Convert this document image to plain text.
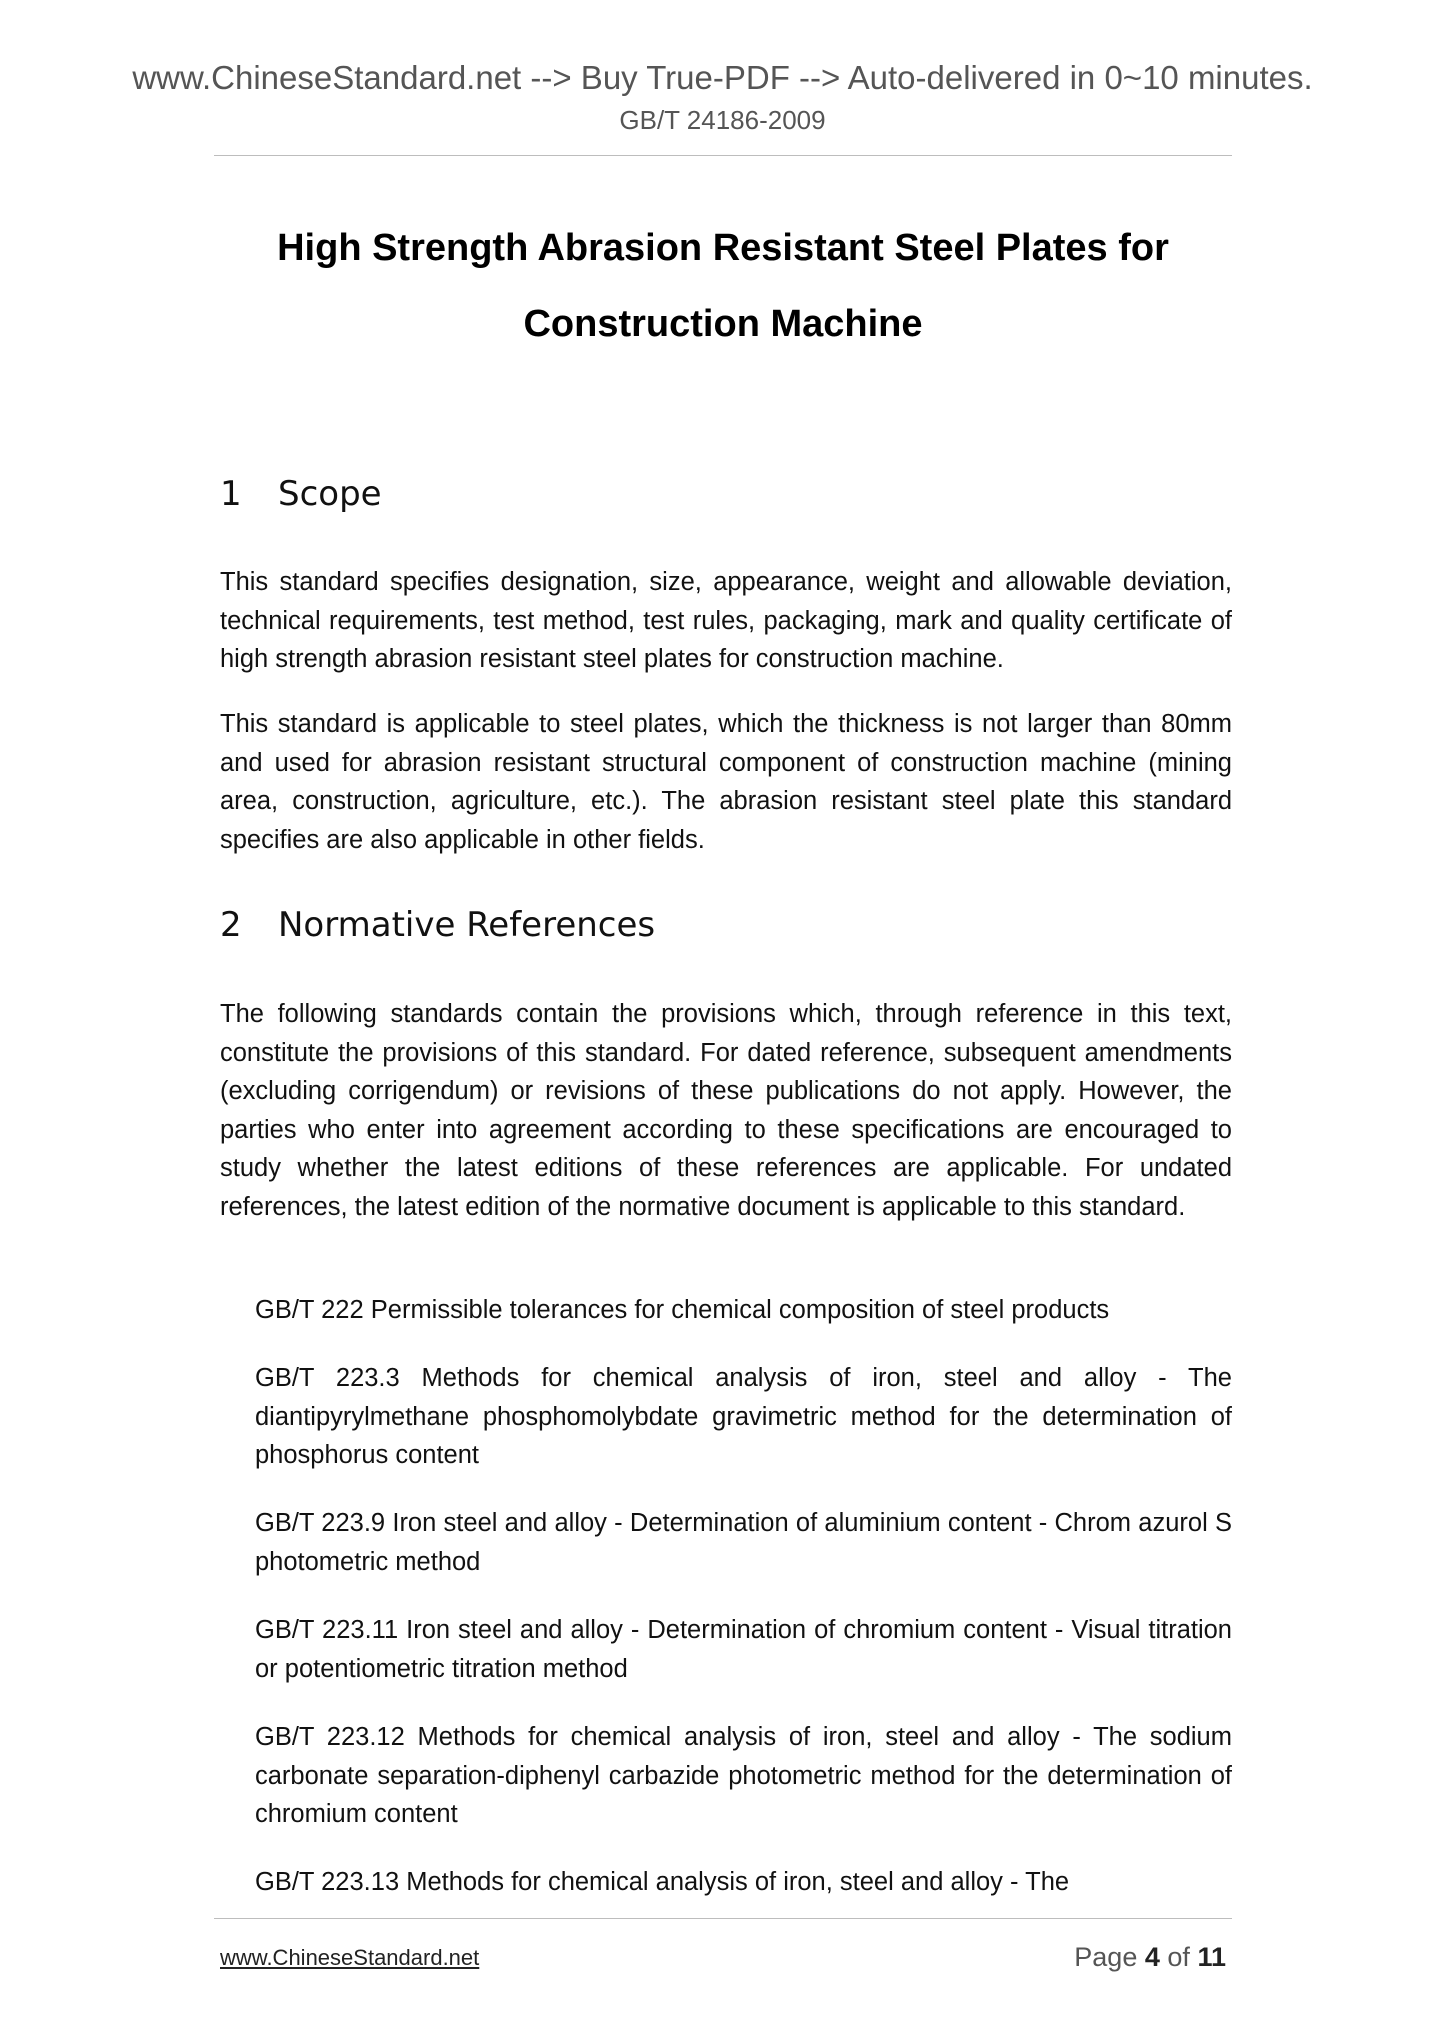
www.ChineseStandard.net --> Buy True-PDF --> Auto-delivered in 0~10 minutes.
GB/T 24186-2009
High Strength Abrasion Resistant Steel Plates for
Construction Machine
1 Scope
This standard specifies designation, size, appearance, weight and allowable deviation, technical requirements, test method, test rules, packaging, mark and quality certificate of high strength abrasion resistant steel plates for construction machine.
This standard is applicable to steel plates, which the thickness is not larger than 80mm and used for abrasion resistant structural component of construction machine (mining area, construction, agriculture, etc.). The abrasion resistant steel plate this standard specifies are also applicable in other fields.
2 Normative References
The following standards contain the provisions which, through reference in this text, constitute the provisions of this standard. For dated reference, subsequent amendments (excluding corrigendum) or revisions of these publications do not apply. However, the parties who enter into agreement according to these specifications are encouraged to study whether the latest editions of these references are applicable. For undated references, the latest edition of the normative document is applicable to this standard.
GB/T 222 Permissible tolerances for chemical composition of steel products
GB/T 223.3 Methods for chemical analysis of iron, steel and alloy - The diantipyrylmethane phosphomolybdate gravimetric method for the determination of phosphorus content
GB/T 223.9 Iron steel and alloy - Determination of aluminium content - Chrom azurol S photometric method
GB/T 223.11 Iron steel and alloy - Determination of chromium content - Visual titration or potentiometric titration method
GB/T 223.12 Methods for chemical analysis of iron, steel and alloy - The sodium carbonate separation-diphenyl carbazide photometric method for the determination of chromium content
GB/T 223.13 Methods for chemical analysis of iron, steel and alloy - The
www.ChineseStandard.net	Page 4 of 11
